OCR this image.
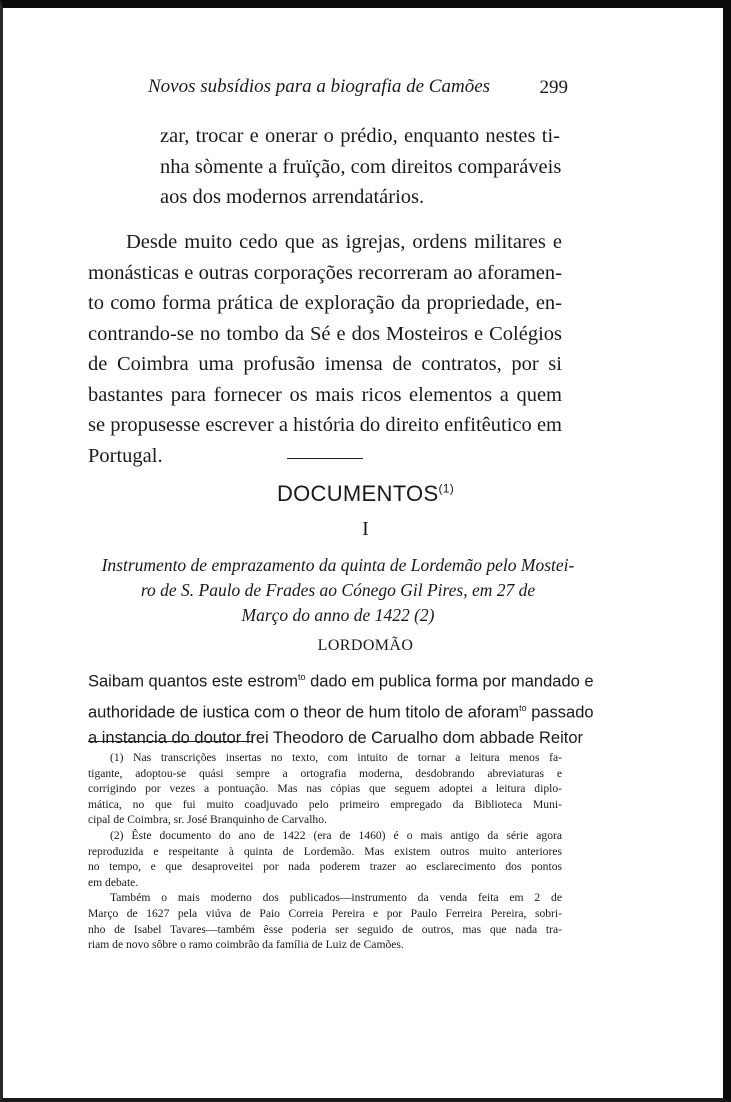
Novos subsídios para a biografia de Camões	299
zar, trocar e onerar o prédio, enquanto nestes ti-
nha sòmente a fruïção, com direitos comparáveis
aos dos modernos arrendatários.
Desde muito cedo que as igrejas, ordens militares e
monásticas e outras corporações recorreram ao aforamen-
to como forma prática de exploração da propriedade, en-
contrando-se no tombo da Sé e dos Mosteiros e Colégios
de Coimbra uma profusão imensa de contratos, por si
bastantes para fornecer os mais ricos elementos a quem
se propusesse escrever a história do direito enfitêutico em
Portugal.
DOCUMENTOS$^{(1)}$
I
Instrumento de emprazamento da quinta de Lordemão pelo Mostei-
ro de S. Paulo de Frades ao Cónego Gil Pires, em 27 de
Março do anno de 1422 (2)
LORDOMÃO
Saibam quantos este estrom$^{to}$ dado em publica forma por mandado e
authoridade de iustica com o theor de hum titolo de aforam$^{to}$ passado
a instancia do doutor frei Theodoro de Carualho dom abbade Reitor
(1) Nas transcrições insertas no texto, com intuito de tornar a leitura menos fa-
tigante, adoptou-se quási sempre a ortografia moderna, desdobrando abreviaturas e
corrigindo por vezes a pontuação. Mas nas cópias que seguem adoptei a leitura diplo-
mática, no que fui muito coadjuvado pelo primeiro empregado da Biblioteca Muni-
cipal de Coimbra, sr. José Branquinho de Carvalho.
(2) Êste documento do ano de 1422 (era de 1460) é o mais antigo da série agora
reproduzida e respeitante à quinta de Lordemão. Mas existem outros muito anteriores
no tempo, e que desaproveitei por nada poderem trazer ao esclarecimento dos pontos
em debate.
Também o mais moderno dos publicados—instrumento da venda feita em 2 de
Março de 1627 pela viúva de Paio Correia Pereira e por Paulo Ferreira Pereira, sobri-
nho de Isabel Tavares—também êsse poderia ser seguido de outros, mas que nada tra-
riam de novo sôbre o ramo coimbrão da família de Luiz de Camões.
